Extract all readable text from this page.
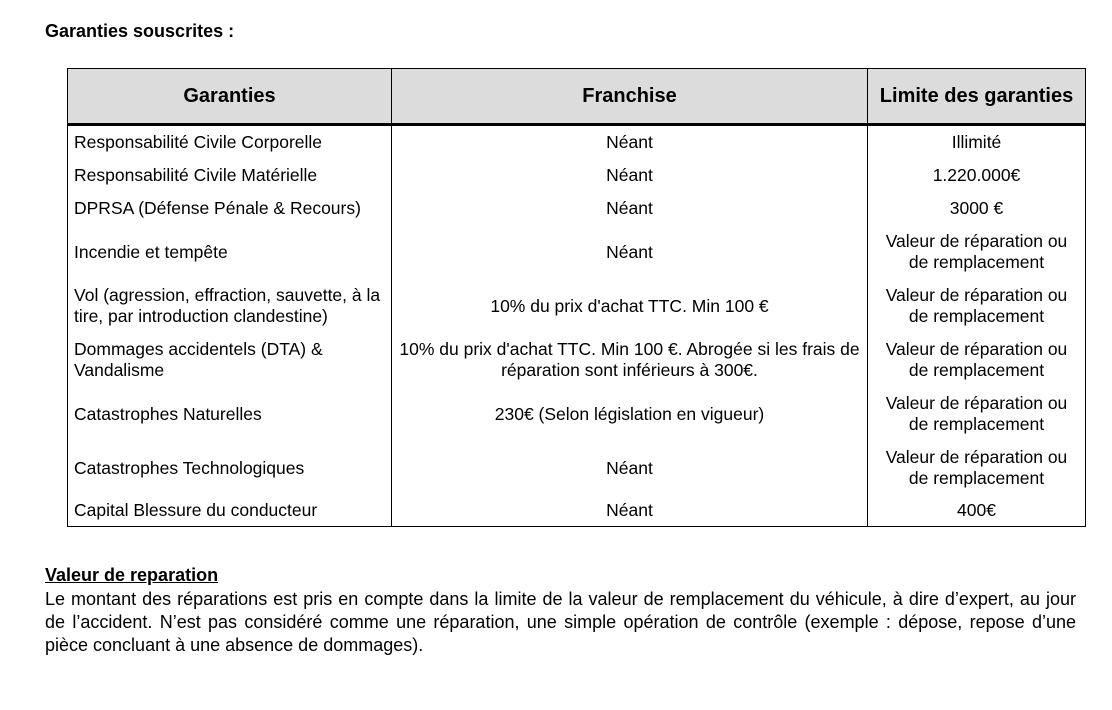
Garanties souscrites :
Garanties	Franchise	Limite des garanties
Responsabilité Civile Corporelle	Néant	Illimité
Responsabilité Civile Matérielle	Néant	1.220.000€
DPRSA (Défense Pénale & Recours)	Néant	3000 €
Incendie et tempête	Néant	Valeur de réparation ou de remplacement
Vol (agression, effraction, sauvette, à la tire, par introduction clandestine)	10% du prix d'achat TTC. Min 100 €	Valeur de réparation ou de remplacement
Dommages accidentels (DTA) & Vandalisme	10% du prix d'achat TTC. Min 100 €. Abrogée si les frais de réparation sont inférieurs à 300€.	Valeur de réparation ou de remplacement
Catastrophes Naturelles	230€ (Selon législation en vigueur)	Valeur de réparation ou de remplacement
Catastrophes Technologiques	Néant	Valeur de réparation ou de remplacement
Capital Blessure du conducteur	Néant	400€
Valeur de reparation
Le montant des réparations est pris en compte dans la limite de la valeur de remplacement du véhicule, à dire d’expert, au jour de l’accident. N’est pas considéré comme une réparation, une simple opération de contrôle (exemple : dépose, repose d’une pièce concluant à une absence de dommages).
